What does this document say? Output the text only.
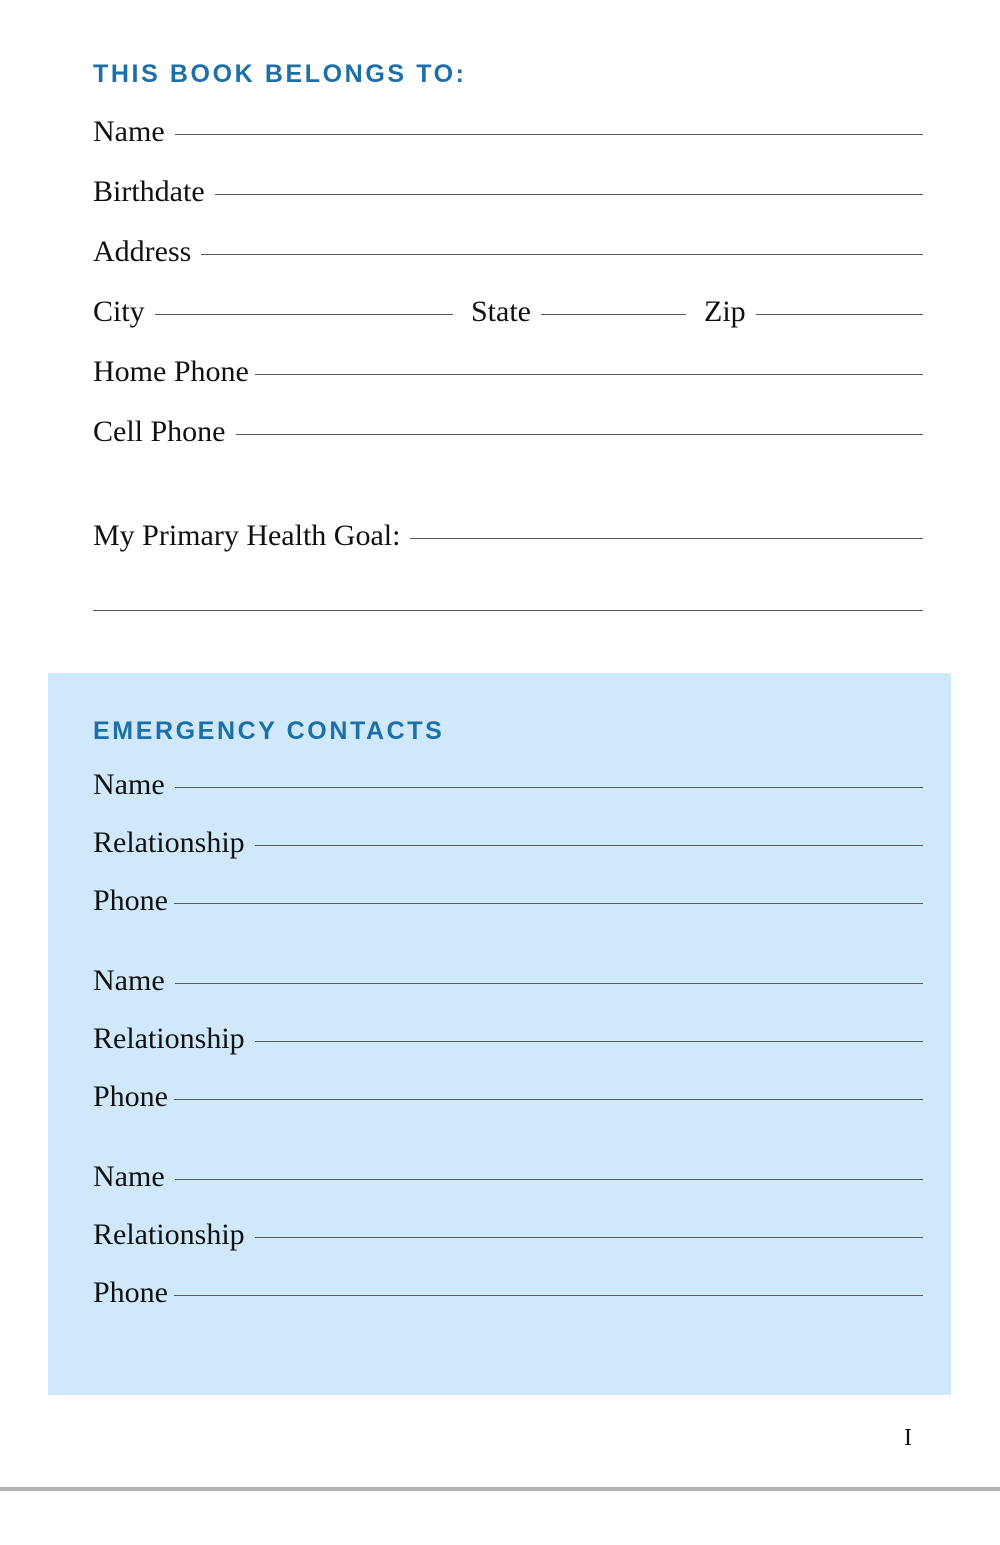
THIS BOOK BELONGS TO:
Name
Birthdate
Address
City	State	Zip
Home Phone
Cell Phone
My Primary Health Goal:
EMERGENCY CONTACTS
Name
Relationship
Phone
Name
Relationship
Phone
Name
Relationship
Phone
I
